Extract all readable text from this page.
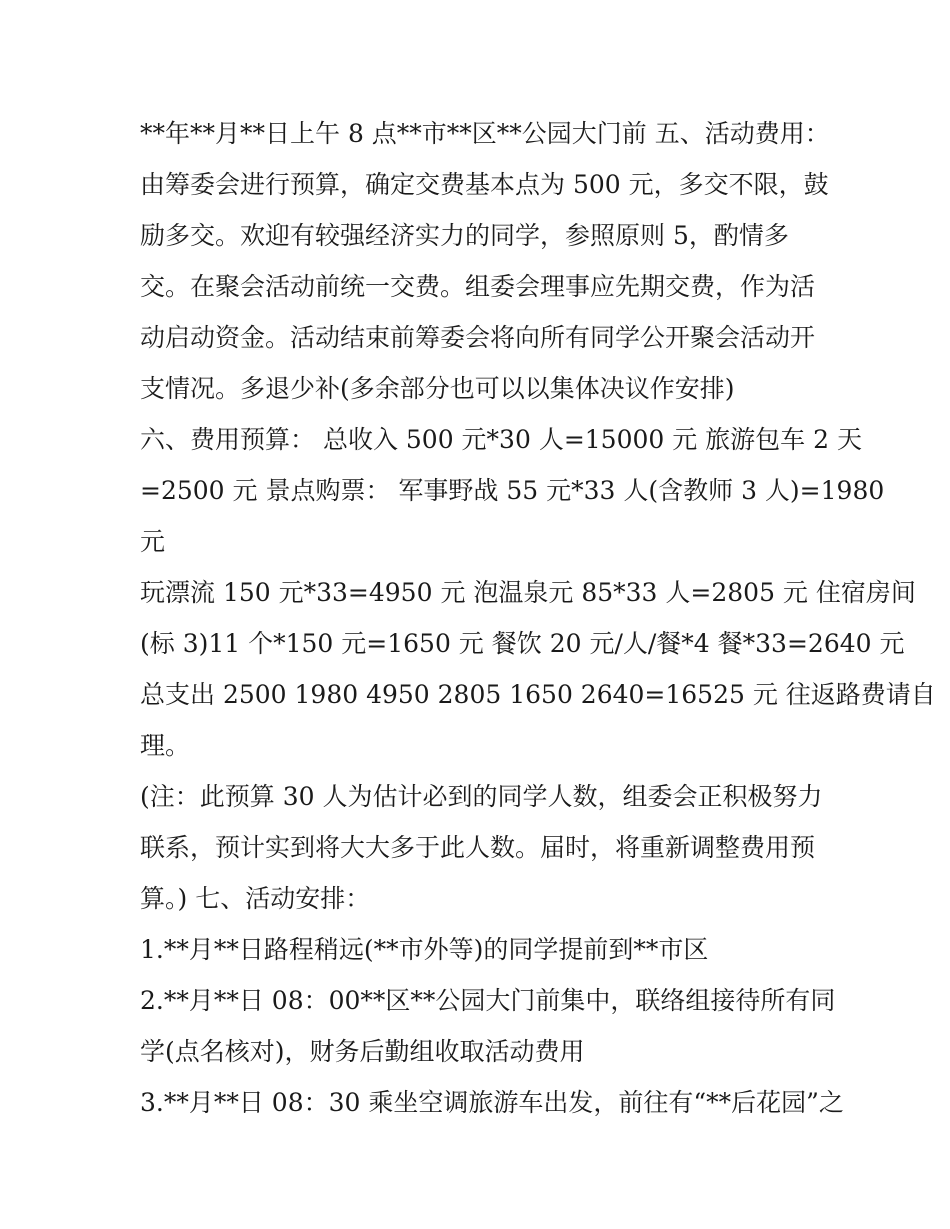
**年**月**日上午 8 点**市**区**公园大门前 五、活动费用：
由筹委会进行预算，确定交费基本点为 500 元，多交不限，鼓
励多交。欢迎有较强经济实力的同学，参照原则 5，酌情多
交。在聚会活动前统一交费。组委会理事应先期交费，作为活
动启动资金。活动结束前筹委会将向所有同学公开聚会活动开
支情况。多退少补(多余部分也可以以集体决议作安排)
六、费用预算： 总收入 500 元*30 人=15000 元 旅游包车 2 天
=2500 元 景点购票： 军事野战 55 元*33 人(含教师 3 人)=1980
元
玩漂流 150 元*33=4950 元 泡温泉元 85*33 人=2805 元 住宿房间
(标 3)11 个*150 元=1650 元 餐饮 20 元/人/餐*4 餐*33=2640 元
总支出 2500 1980 4950 2805 1650 2640=16525 元 往返路费请自
理。
(注：此预算 30 人为估计必到的同学人数，组委会正积极努力
联系，预计实到将大大多于此人数。届时，将重新调整费用预
算。) 七、活动安排：
1.**月**日路程稍远(**市外等)的同学提前到**市区
2.**月**日 08：00**区**公园大门前集中，联络组接待所有同
学(点名核对)，财务后勤组收取活动费用
3.**月**日 08：30 乘坐空调旅游车出发，前往有“**后花园”之
